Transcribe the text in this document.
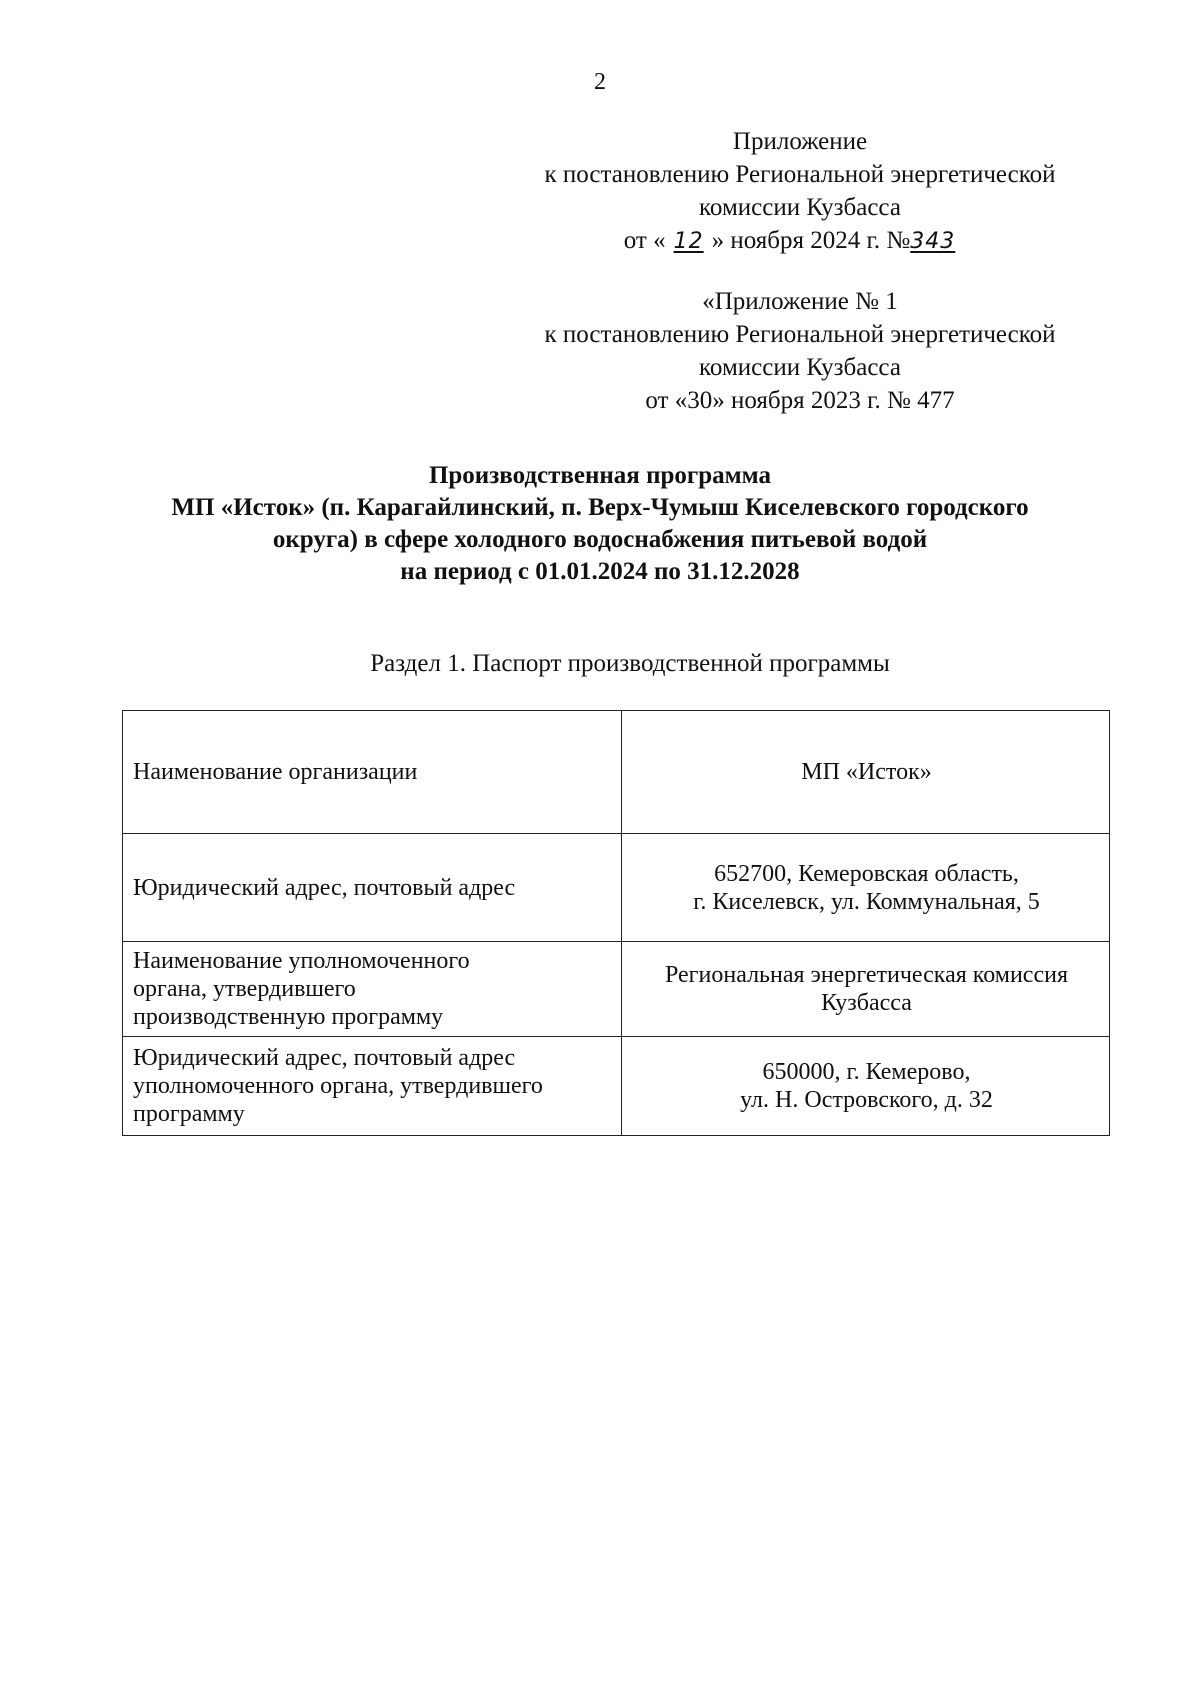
2
Приложение
к постановлению Региональной энергетической
комиссии Кузбасса
от « 12 » ноября 2024 г. №343
«Приложение № 1
к постановлению Региональной энергетической
комиссии Кузбасса
от «30» ноября 2023 г. № 477
Производственная программа
МП «Исток» (п. Карагайлинский, п. Верх-Чумыш Киселевского городского
округа) в сфере холодного водоснабжения питьевой водой
на период с 01.01.2024 по 31.12.2028
Раздел 1. Паспорт производственной программы
Наименование организации	МП «Исток»

Юридический адрес, почтовый адрес	652700, Кемеровская область,
г. Киселевск, ул. Коммунальная, 5

Наименование уполномоченного
органа, утвердившего
производственную программу	Региональная энергетическая комиссия
Кузбасса

Юридический адрес, почтовый адрес
уполномоченного органа, утвердившего
программу	650000, г. Кемерово,
ул. Н. Островского, д. 32
